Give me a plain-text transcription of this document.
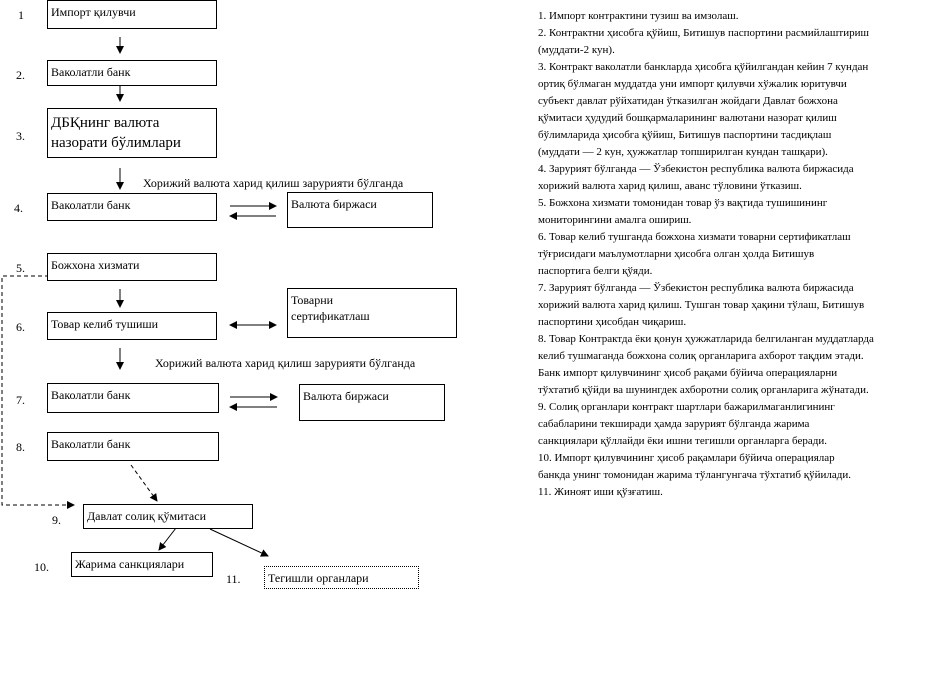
1
2.
3.
4.
5.
6.
7.
8.
9.
10.
11.
Импорт қилувчи
Ваколатли банк
ДБҚнинг валюта
назорати бўлимлари
Хорижий валюта харид қилиш зарурияти бўлганда
Ваколатли банк	Валюта биржаси
Божхона хизмати
Товарни
сертификатлаш
Товар келиб тушиши
Хорижий валюта харид қилиш зарурияти бўлганда
Ваколатли банк	Валюта биржаси
Ваколатли банк
Давлат солиқ қўмитаси
Жарима санкциялари
Тегишли органлари
1. Импорт контрактини тузиш ва имзолаш.
2. Контрактни ҳисобга қўйиш, Битишув паспортини расмийлаштириш
(муддати-2 кун).
3. Контракт ваколатли банкларда ҳисобга қўйилгандан кейин 7 кундан
ортиқ бўлмаган муддатда уни импорт қилувчи хўжалик юритувчи
субъект давлат рўйхатидан ўтказилган жойдаги Давлат божхона
қўмитаси ҳудудий бошқармаларининг валютани назорат қилиш
бўлимларида ҳисобга қўйиш, Битишув паспортини тасдиқлаш
(муддати — 2 кун, ҳужжатлар топширилган кундан ташқари).
4. Зарурият бўлганда — Ўзбекистон республика валюта биржасида
хорижий валюта харид қилиш, аванс тўловини ўтказиш.
5. Божхона хизмати томонидан товар ўз вақтида тушишининг
мониторингини амалга ошириш.
6. Товар келиб тушганда божхона хизмати товарни сертификатлаш
тўғрисидаги маълумотларни ҳисобга олган ҳолда Битишув
паспортига белги қўяди.
7. Зарурият бўлганда — Ўзбекистон республика валюта биржасида
хорижий валюта харид қилиш. Тушган товар ҳақини тўлаш, Битишув
паспортини ҳисобдан чиқариш.
8. Товар Контрактда ёки қонун ҳужжатларида белгиланган муддатларда
келиб тушмаганда божхона солиқ органларига ахборот тақдим этади.
Банк импорт қилувчининг ҳисоб рақами бўйича операцияларни
тўхтатиб қўйди ва шунингдек ахборотни солиқ органларига жўнатади.
9. Солиқ органлари контракт шартлари бажарилмаганлигининг
сабабларини текширади ҳамда зарурият бўлганда жарима
санкциялари қўллайди ёки ишни тегишли органларга беради.
10. Импорт қилувчининг ҳисоб рақамлари бўйича операциялар
банкда унинг томонидан жарима тўлангунгача тўхтатиб қўйилади.
11. Жиноят иши қўзғатиш.
